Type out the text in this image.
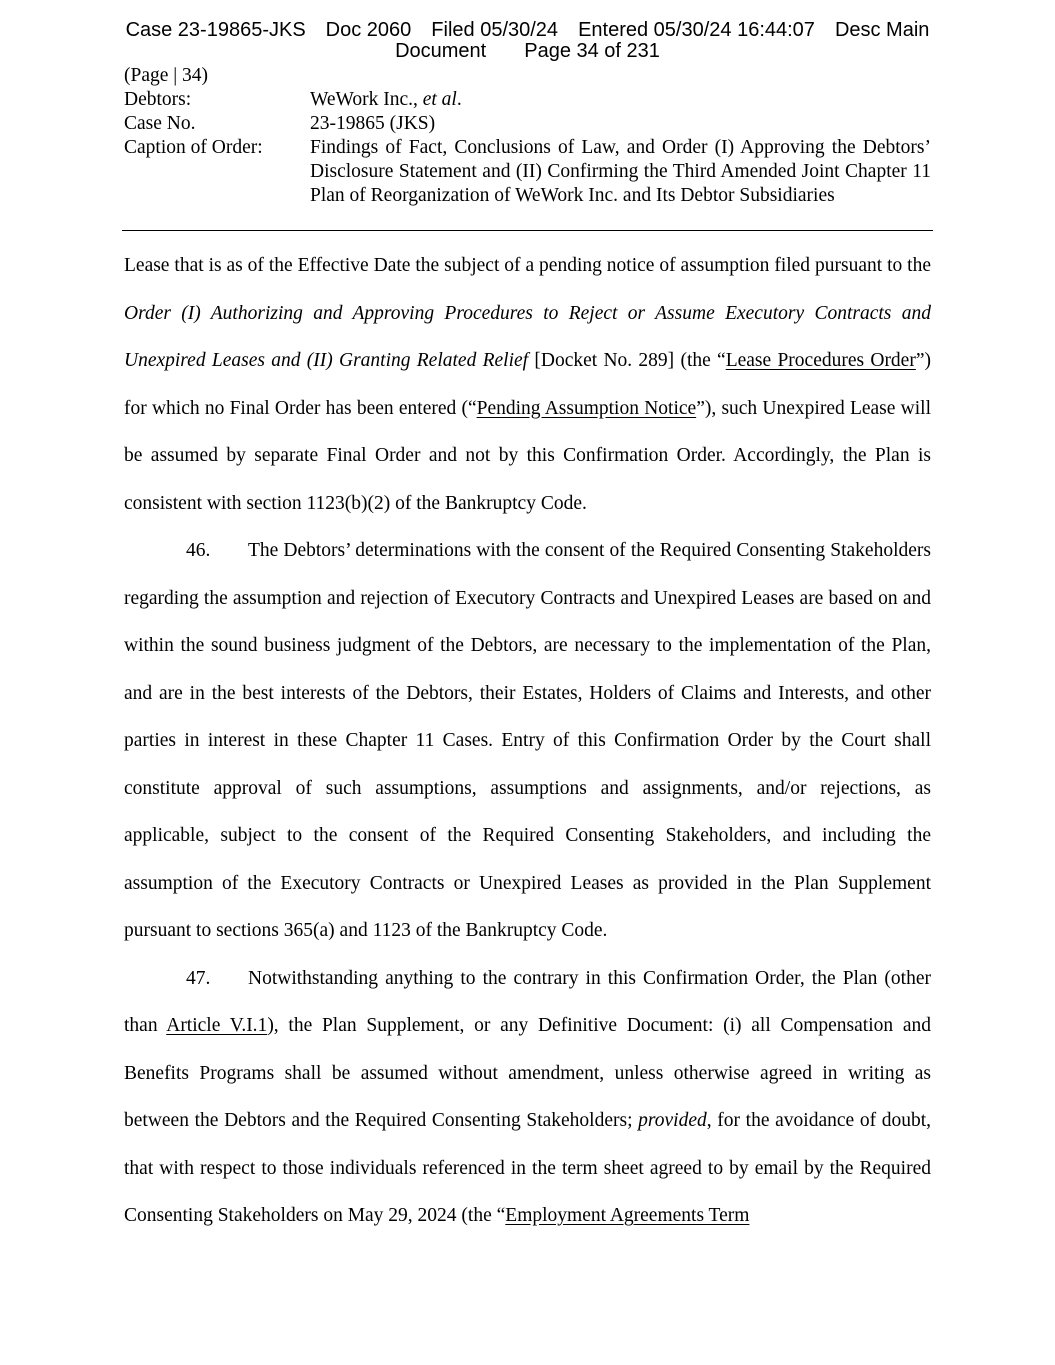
Case 23-19865-JKS Doc 2060 Filed 05/30/24 Entered 05/30/24 16:44:07 Desc Main
Document Page 34 of 231
(Page | 34)
Debtors:	WeWork Inc., et al.
Case No.	23-19865 (JKS)
Caption of Order:	Findings of Fact, Conclusions of Law, and Order (I) Approving the Debtors’ Disclosure Statement and (II) Confirming the Third Amended Joint Chapter 11 Plan of Reorganization of WeWork Inc. and Its Debtor Subsidiaries

Lease that is as of the Effective Date the subject of a pending notice of assumption filed pursuant to the Order (I) Authorizing and Approving Procedures to Reject or Assume Executory Contracts and Unexpired Leases and (II) Granting Related Relief [Docket No. 289] (the “Lease Procedures Order”) for which no Final Order has been entered (“Pending Assumption Notice”), such Unexpired Lease will be assumed by separate Final Order and not by this Confirmation Order. Accordingly, the Plan is consistent with section 1123(b)(2) of the Bankruptcy Code.

46. The Debtors’ determinations with the consent of the Required Consenting Stakeholders regarding the assumption and rejection of Executory Contracts and Unexpired Leases are based on and within the sound business judgment of the Debtors, are necessary to the implementation of the Plan, and are in the best interests of the Debtors, their Estates, Holders of Claims and Interests, and other parties in interest in these Chapter 11 Cases. Entry of this Confirmation Order by the Court shall constitute approval of such assumptions, assumptions and assignments, and/or rejections, as applicable, subject to the consent of the Required Consenting Stakeholders, and including the assumption of the Executory Contracts or Unexpired Leases as provided in the Plan Supplement pursuant to sections 365(a) and 1123 of the Bankruptcy Code.

47. Notwithstanding anything to the contrary in this Confirmation Order, the Plan (other than Article V.I.1), the Plan Supplement, or any Definitive Document: (i) all Compensation and Benefits Programs shall be assumed without amendment, unless otherwise agreed in writing as between the Debtors and the Required Consenting Stakeholders; provided, for the avoidance of doubt, that with respect to those individuals referenced in the term sheet agreed to by email by the Required Consenting Stakeholders on May 29, 2024 (the “Employment Agreements Term
